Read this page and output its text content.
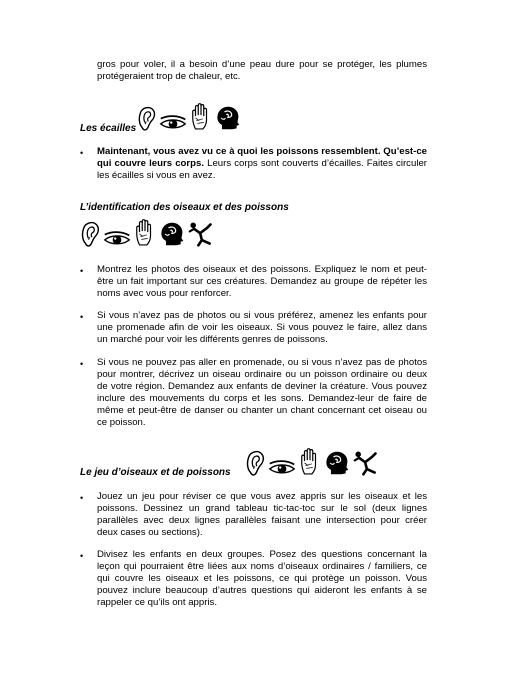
gros pour voler, il a besoin d’une peau dure pour se protéger, les plumes protégeraient trop de chaleur, etc.
Les écailles
• Maintenant, vous avez vu ce à quoi les poissons ressemblent. Qu’est-ce qui couvre leurs corps. Leurs corps sont couverts d’écailles. Faites circuler les écailles si vous en avez.
L’identification des oiseaux et des poissons
• Montrez les photos des oiseaux et des poissons. Expliquez le nom et peut-être un fait important sur ces créatures. Demandez au groupe de répéter les noms avec vous pour renforcer.
• Si vous n’avez pas de photos ou si vous préférez, amenez les enfants pour une promenade afin de voir les oiseaux. Si vous pouvez le faire, allez dans un marché pour voir les différents genres de poissons.
• Si vous ne pouvez pas aller en promenade, ou si vous n’avez pas de photos pour montrer, décrivez un oiseau ordinaire ou un poisson ordinaire ou deux de votre région. Demandez aux enfants de deviner la créature. Vous pouvez inclure des mouvements du corps et les sons. Demandez-leur de faire de même et peut-être de danser ou chanter un chant concernant cet oiseau ou ce poisson.
Le jeu d’oiseaux et de poissons
• Jouez un jeu pour réviser ce que vous avez appris sur les oiseaux et les poissons. Dessinez un grand tableau tic-tac-toc sur le sol (deux lignes parallèles avec deux lignes parallèles faisant une intersection pour créer deux cases ou sections).
• Divisez les enfants en deux groupes. Posez des questions concernant la leçon qui pourraient être liées aux noms d’oiseaux ordinaires / familiers, ce qui couvre les oiseaux et les poissons, ce qui protège un poisson. Vous pouvez inclure beaucoup d’autres questions qui aideront les enfants à se rappeler ce qu’ils ont appris.
